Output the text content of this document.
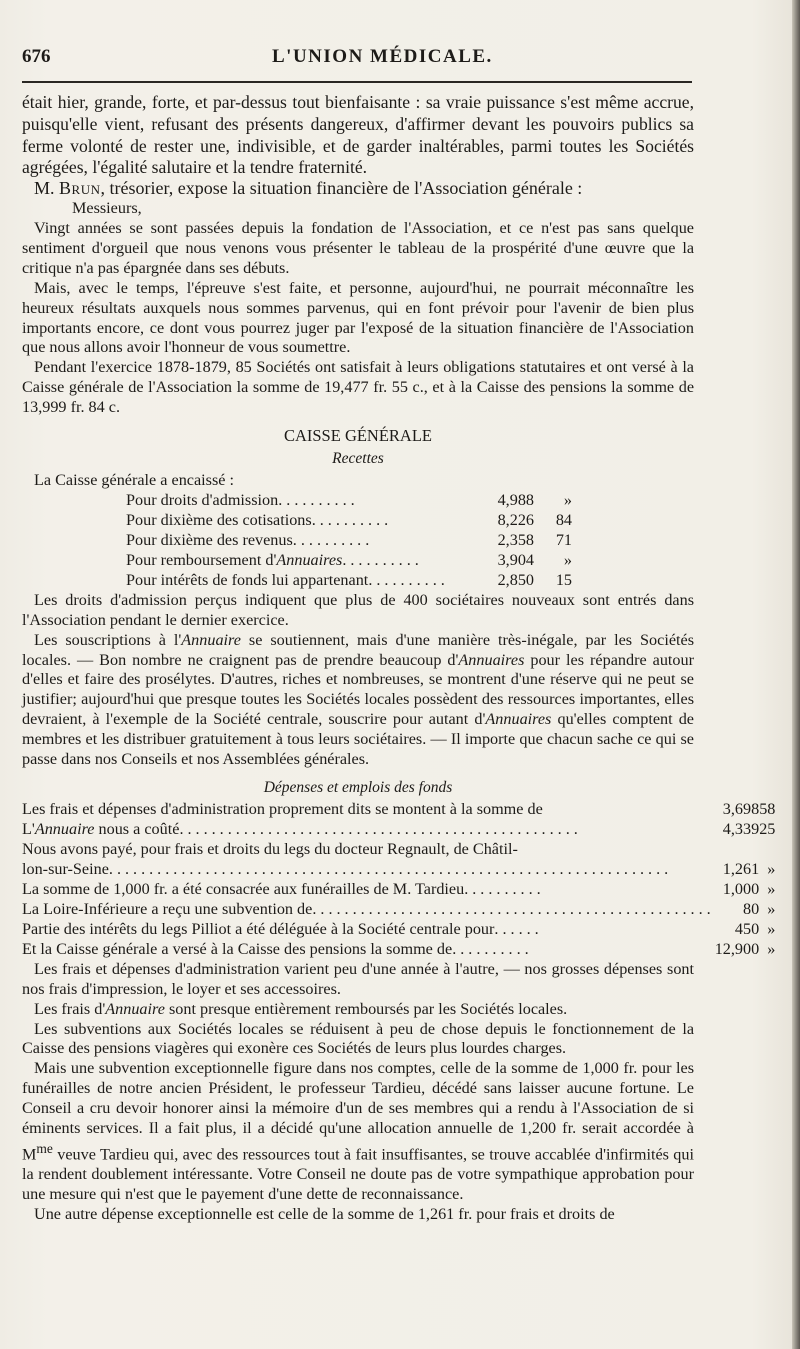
676	L'UNION MÉDICALE.

était hier, grande, forte, et par-dessus tout bienfaisante : sa vraie puissance s'est même accrue, puisqu'elle vient, refusant des présents dangereux, d'affirmer devant les pouvoirs publics sa ferme volonté de rester une, indivisible, et de garder inaltérables, parmi toutes les Sociétés agrégées, l'égalité salutaire et la tendre fraternité.

M. Brun, trésorier, expose la situation financière de l'Association générale :

Messieurs,

Vingt années se sont passées depuis la fondation de l'Association, et ce n'est pas sans quelque sentiment d'orgueil que nous venons vous présenter le tableau de la prospérité d'une œuvre que la critique n'a pas épargnée dans ses débuts.

Mais, avec le temps, l'épreuve s'est faite, et personne, aujourd'hui, ne pourrait méconnaître les heureux résultats auxquels nous sommes parvenus, qui en font prévoir pour l'avenir de bien plus importants encore, ce dont vous pourrez juger par l'exposé de la situation financière de l'Association que nous allons avoir l'honneur de vous soumettre.

Pendant l'exercice 1878-1879, 85 Sociétés ont satisfait à leurs obligations statutaires et ont versé à la Caisse générale de l'Association la somme de 19,477 fr. 55 c., et à la Caisse des pensions la somme de 13,999 fr. 84 c.

CAISSE GÉNÉRALE
Recettes

La Caisse générale a encaissé :

Pour droits d'admission..........	4,988	»
Pour dixième des cotisations..........	8,226	84
Pour dixième des revenus..........	2,358	71
Pour remboursement d'Annuaires..........	3,904	»
Pour intérêts de fonds lui appartenant..........	2,850	15

Les droits d'admission perçus indiquent que plus de 400 sociétaires nouveaux sont entrés dans l'Association pendant le dernier exercice.

Les souscriptions à l'Annuaire se soutiennent, mais d'une manière très-inégale, par les Sociétés locales. — Bon nombre ne craignent pas de prendre beaucoup d'Annuaires pour les répandre autour d'elles et faire des prosélytes. D'autres, riches et nombreuses, se montrent d'une réserve qui ne peut se justifier; aujourd'hui que presque toutes les Sociétés locales possèdent des ressources importantes, elles devraient, à l'exemple de la Société centrale, souscrire pour autant d'Annuaires qu'elles comptent de membres et les distribuer gratuitement à tous leurs sociétaires. — Il importe que chacun sache ce qui se passe dans nos Conseils et nos Assemblées générales.

Dépenses et emplois des fonds
Les frais et dépenses d'administration proprement dits se montent à la somme de	3,698	58
L'Annuaire nous a coûté..................................................	4,339	25
Nous avons payé, pour frais et droits du legs du docteur Regnault, de Châtil-		
lon-sur-Seine......................................................................	1,261	»
La somme de 1,000 fr. a été consacrée aux funérailles de M. Tardieu..........	1,000	»
La Loire-Inférieure a reçu une subvention de..................................................	80	»
Partie des intérêts du legs Pilliot a été déléguée à la Société centrale pour......	450	»
Et la Caisse générale a versé à la Caisse des pensions la somme de..........	12,900	»

Les frais et dépenses d'administration varient peu d'une année à l'autre, — nos grosses dépenses sont nos frais d'impression, le loyer et ses accessoires.

Les frais d'Annuaire sont presque entièrement remboursés par les Sociétés locales.

Les subventions aux Sociétés locales se réduisent à peu de chose depuis le fonctionnement de la Caisse des pensions viagères qui exonère ces Sociétés de leurs plus lourdes charges.

Mais une subvention exceptionnelle figure dans nos comptes, celle de la somme de 1,000 fr. pour les funérailles de notre ancien Président, le professeur Tardieu, décédé sans laisser aucune fortune. Le Conseil a cru devoir honorer ainsi la mémoire d'un de ses membres qui a rendu à l'Association de si éminents services. Il a fait plus, il a décidé qu'une allocation annuelle de 1,200 fr. serait accordée à $M^{me}$ veuve Tardieu qui, avec des ressources tout à fait insuffisantes, se trouve accablée d'infirmités qui la rendent doublement intéressante. Votre Conseil ne doute pas de votre sympathique approbation pour une mesure qui n'est que le payement d'une dette de reconnaissance.

Une autre dépense exceptionnelle est celle de la somme de 1,261 fr. pour frais et droits de
